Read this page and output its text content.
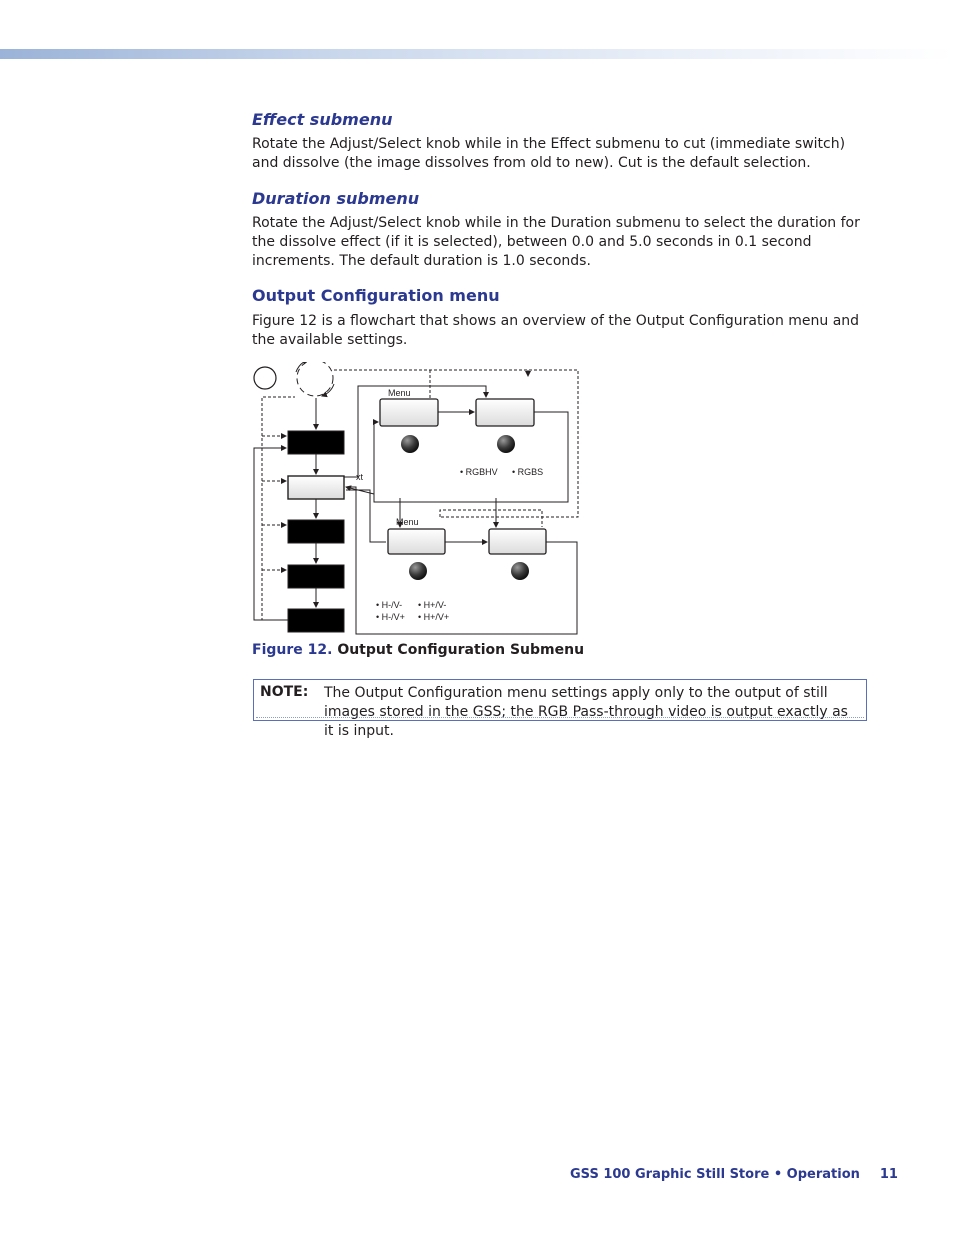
Effect submenu

Rotate the Adjust/Select knob while in the Effect submenu to cut (immediate switch) and dissolve (the image dissolves from old to new). Cut is the default selection.

Duration submenu

Rotate the Adjust/Select knob while in the Duration submenu to select the duration for the dissolve effect (if it is selected), between 0.0 and 5.0 seconds in 0.1 second increments. The default duration is 1.0 seconds.

Output Configuration menu

Figure 12 is a flowchart that shows an overview of the Output Configuration menu and the available settings.

Menu
• RGBHV • RGBS
xt
Menu
• H-/V- • H+/V-
• H-/V+ • H+/V+

Figure 12. Output Configuration Submenu

NOTE: The Output Configuration menu settings apply only to the output of still images stored in the GSS; the RGB Pass-through video is output exactly as it is input.
GSS 100 Graphic Still Store • Operation 11
